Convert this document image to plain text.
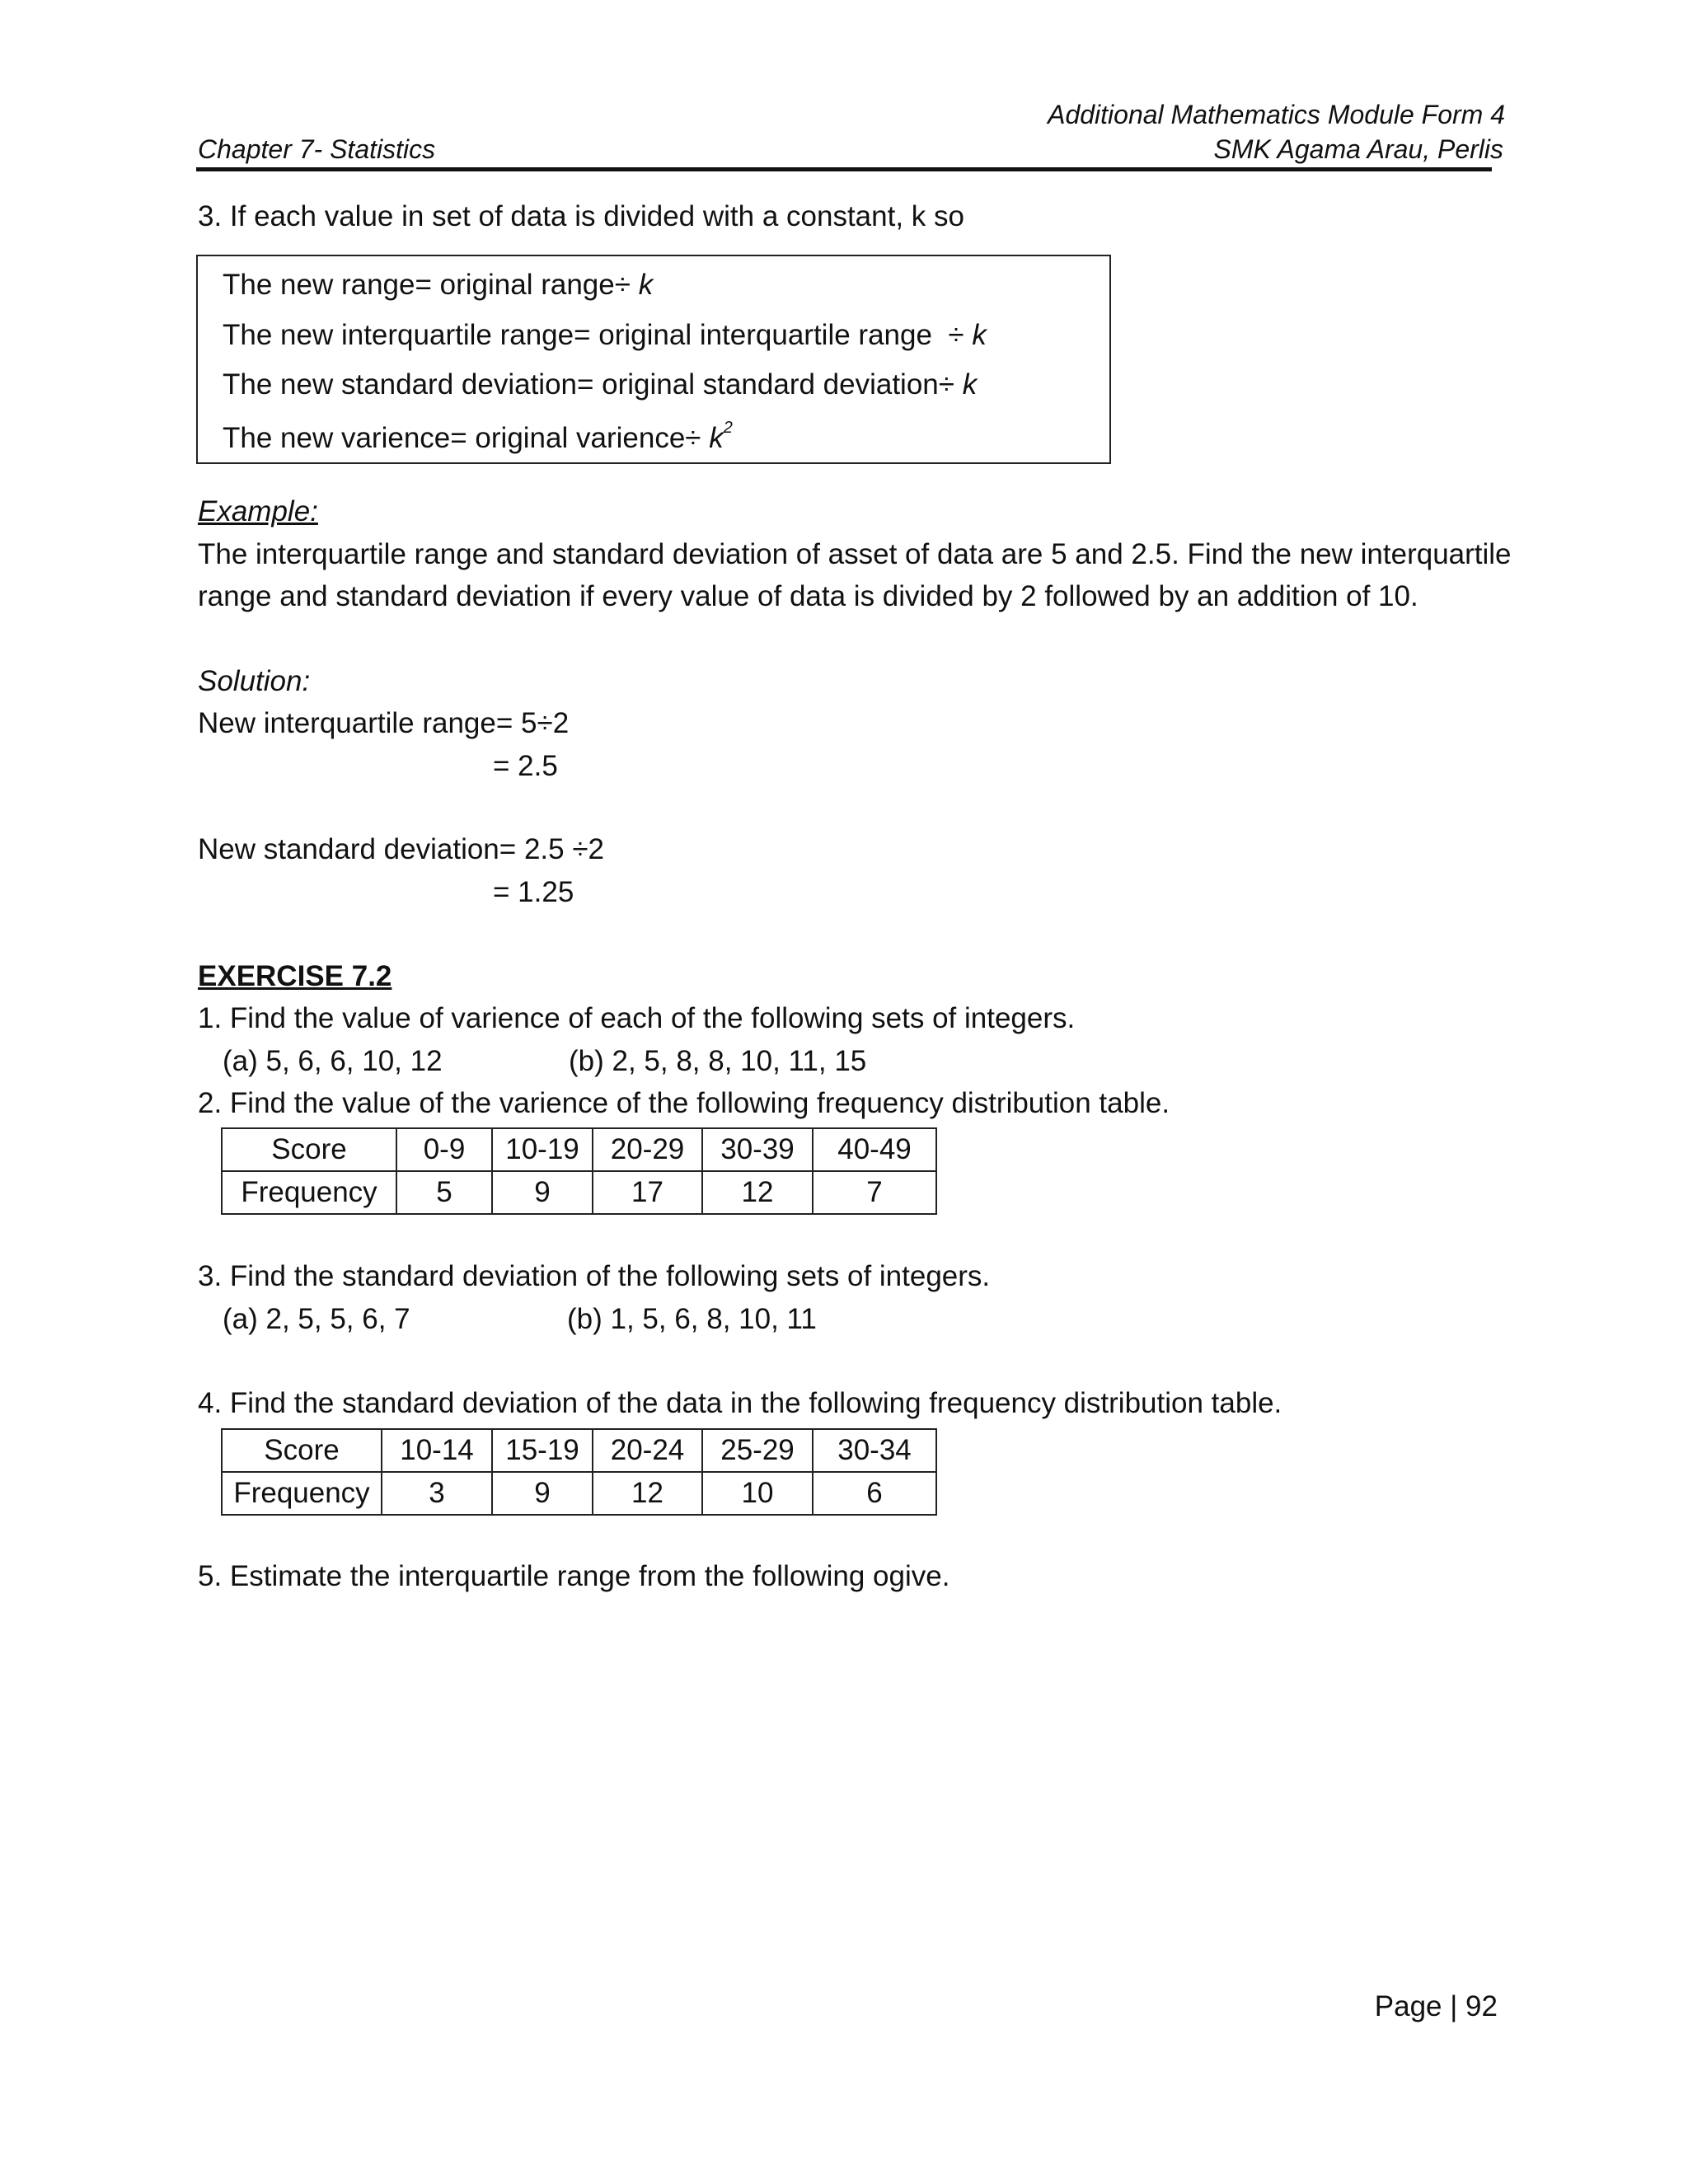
Additional Mathematics Module Form 4
SMK Agama Arau, Perlis
Chapter 7- Statistics
3. If each value in set of data is divided with a constant, k so
The new range= original range÷ k
The new interquartile range= original interquartile range ÷ k
The new standard deviation= original standard deviation÷ k
The new varience= original varience÷ $k^2$
Example:
The interquartile range and standard deviation of asset of data are 5 and 2.5. Find the new interquartile
range and standard deviation if every value of data is divided by 2 followed by an addition of 10.
Solution:
New interquartile range= 5÷2
= 2.5
New standard deviation= 2.5 ÷2
= 1.25
EXERCISE 7.2
1. Find the value of varience of each of the following sets of integers.
(a) 5, 6, 6, 10, 12	(b) 2, 5, 8, 8, 10, 11, 15
2. Find the value of the varience of the following frequency distribution table.
Score	0-9	10-19	20-29	30-39	40-49
Frequency	5	9	17	12	7
3. Find the standard deviation of the following sets of integers.
(a) 2, 5, 5, 6, 7	(b) 1, 5, 6, 8, 10, 11
4. Find the standard deviation of the data in the following frequency distribution table.
Score	10-14	15-19	20-24	25-29	30-34
Frequency	3	9	12	10	6
5. Estimate the interquartile range from the following ogive.
Page | 92
